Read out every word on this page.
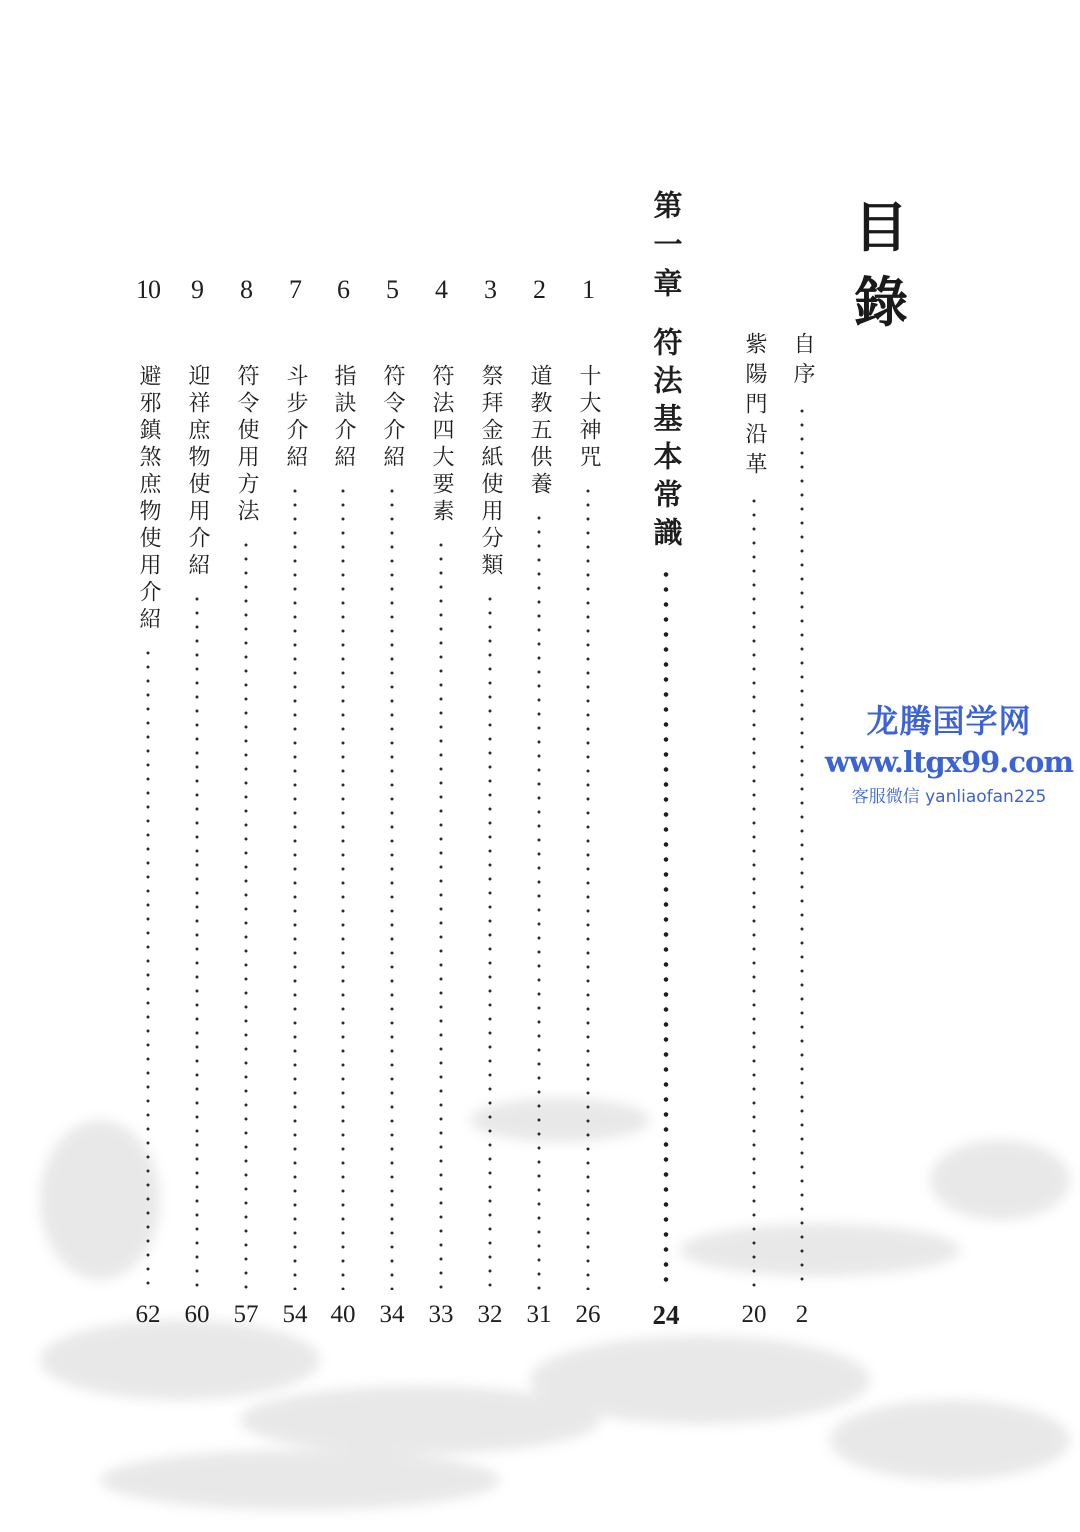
目
錄
自序
2
紫陽門沿革
20
第一章
符法基本常識
24
1
十大神咒
26
2
道教五供養
31
3
祭拜金紙使用分類
32
4
符法四大要素
33
5
符令介紹
34
6
指訣介紹
40
7
斗步介紹
54
8
符令使用方法
57
9
迎祥庶物使用介紹
60
10
避邪鎮煞庶物使用介紹
62
龙腾国学网
www.ltgx99.com
客服微信 yanliaofan225
